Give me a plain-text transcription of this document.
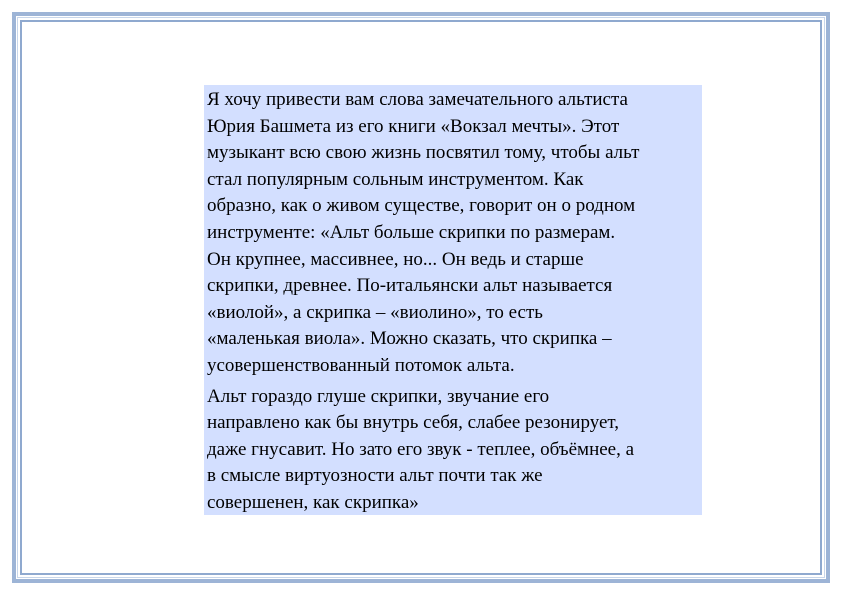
Я хочу привести вам слова замечательного альтиста
Юрия Башмета из его книги «Вокзал мечты». Этот
музыкант всю свою жизнь посвятил тому, чтобы альт
стал популярным сольным инструментом. Как
образно, как о живом существе, говорит он о родном
инструменте: «Альт больше скрипки по размерам.
Он крупнее, массивнее, но... Он ведь и старше
скрипки, древнее. По-итальянски альт называется
«виолой», а скрипка – «виолино», то есть
«маленькая виола». Можно сказать, что скрипка –
усовершенствованный потомок альта.

Альт гораздо глуше скрипки, звучание его
направлено как бы внутрь себя, слабее резонирует,
даже гнусавит. Но зато его звук - теплее, объёмнее, а
в смысле виртуозности альт почти так же
совершенен, как скрипка»
